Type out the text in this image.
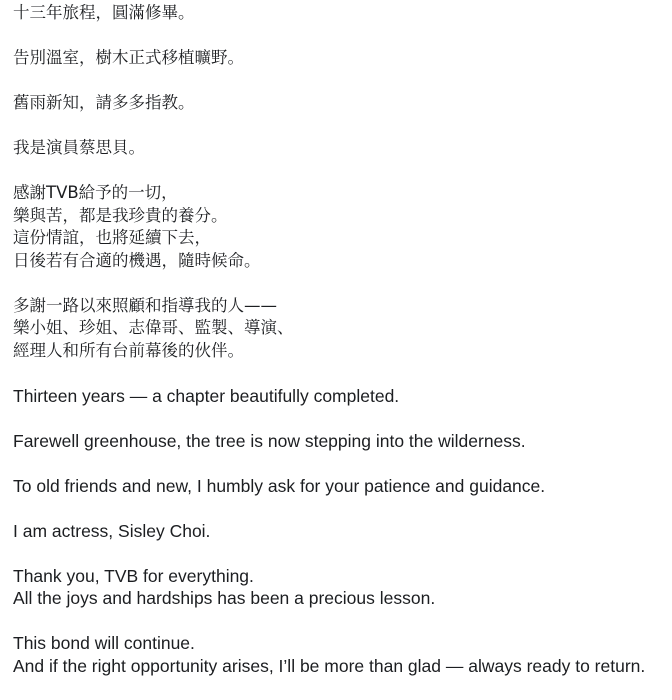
十三年旅程，圓滿修畢。

告別溫室，樹木正式移植曠野。

舊雨新知，請多多指教。

我是演員蔡思貝。

感謝TVB給予的一切，
樂與苦，都是我珍貴的養分。
這份情誼，也將延續下去，
日後若有合適的機遇，隨時候命。

多謝一路以來照顧和指導我的人——
樂小姐、珍姐、志偉哥、監製、導演、
經理人和所有台前幕後的伙伴。

Thirteen years — a chapter beautifully completed.

Farewell greenhouse, the tree is now stepping into the wilderness.

To old friends and new, I humbly ask for your patience and guidance.

I am actress, Sisley Choi.

Thank you, TVB for everything.
All the joys and hardships has been a precious lesson.

This bond will continue.
And if the right opportunity arises, I’ll be more than glad — always ready to return.
